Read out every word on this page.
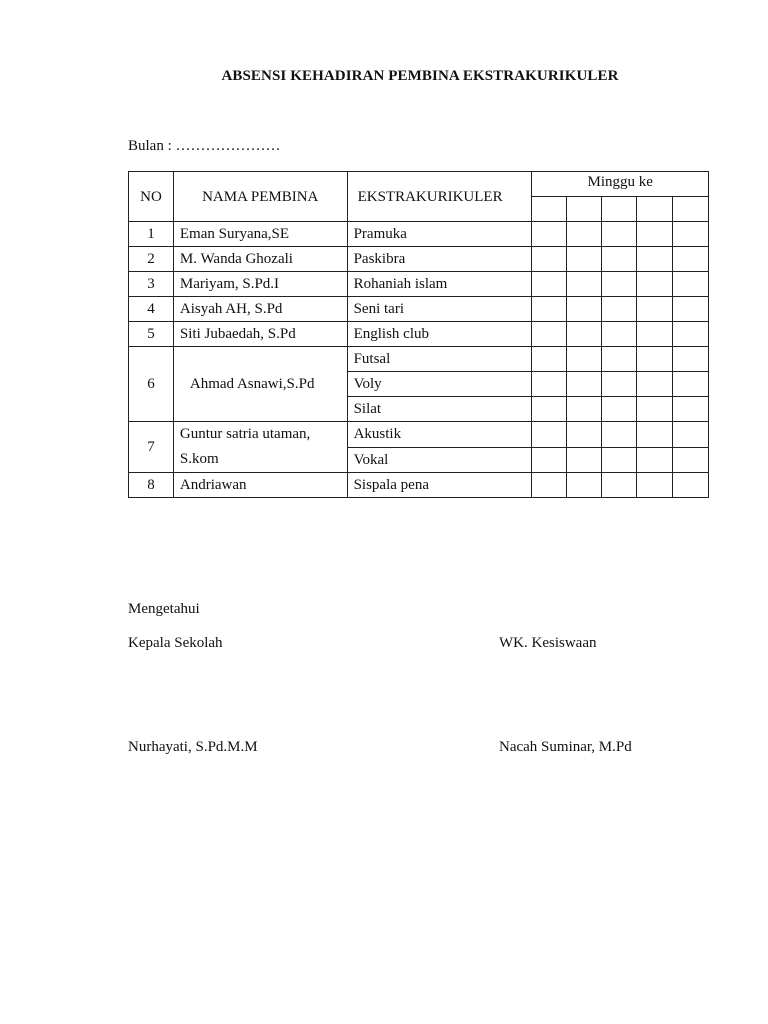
ABSENSI KEHADIRAN PEMBINA EKSTRAKURIKULER
Bulan : …………………
NO	NAMA PEMBINA	EKSTRAKURIKULER	Minggu ke				

1	Eman Suryana,SE	Pramuka					
2	M. Wanda Ghozali	Paskibra					
3	Mariyam, S.Pd.I	Rohaniah islam					
4	Aisyah AH, S.Pd	Seni tari					
5	Siti Jubaedah, S.Pd	English club					
6	Ahmad Asnawi,S.Pd	Futsal					
		Voly					
		Silat					
7	Guntur satria utaman, S.kom	Akustik					
		Vokal					
8	Andriawan	Sispala pena					
Mengetahui
Kepala Sekolah	WK. Kesiswaan
Nurhayati, S.Pd.M.M	Nacah Suminar, M.Pd
